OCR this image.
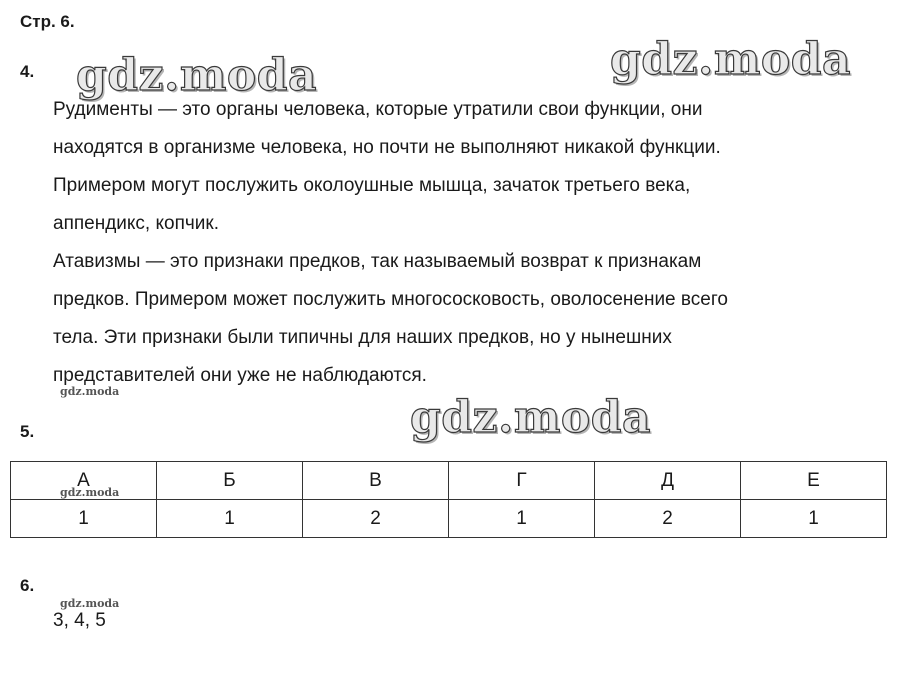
Стр. 6.
4. gdz.moda	gdz.moda
Рудименты — это органы человека, которые утратили свои функции, они
находятся в организме человека, но почти не выполняют никакой функции.
Примером могут послужить околоушные мышца, зачаток третьего века,
аппендикс, копчик.
Атавизмы — это признаки предков, так называемый возврат к признакам
предков. Примером может послужить многососковость, оволосенение всего
тела. Эти признаки были типичны для наших предков, но у нынешних
представителей они уже не наблюдаются.
gdz.moda
5.	gdz.moda
А	Б	В	Г	Д	Е
1	1	2	1	2	1
gdz.moda
6.
gdz.moda
3, 4, 5
